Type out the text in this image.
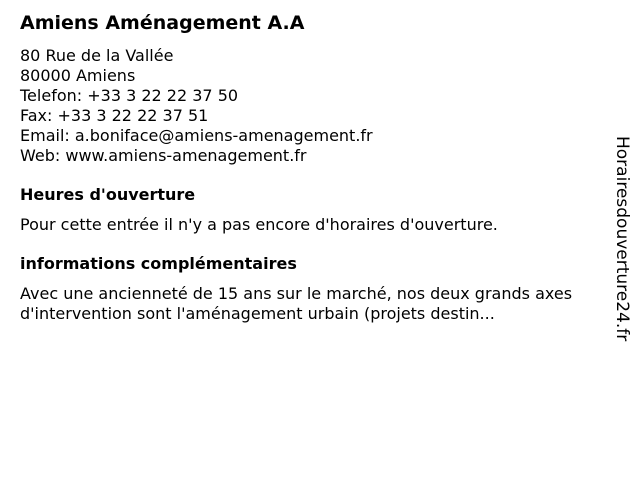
Amiens Aménagement A.A
80 Rue de la Vallée
80000 Amiens
Telefon: +33 3 22 22 37 50
Fax: +33 3 22 22 37 51
Email: a.boniface@amiens-amenagement.fr
Web: www.amiens-amenagement.fr
Heures d'ouverture
Pour cette entrée il n'y a pas encore d'horaires d'ouverture.
informations complémentaires
Avec une ancienneté de 15 ans sur le marché, nos deux grands axes d'intervention sont l'aménagement urbain (projets destin...	Horairesdouverture24.fr
